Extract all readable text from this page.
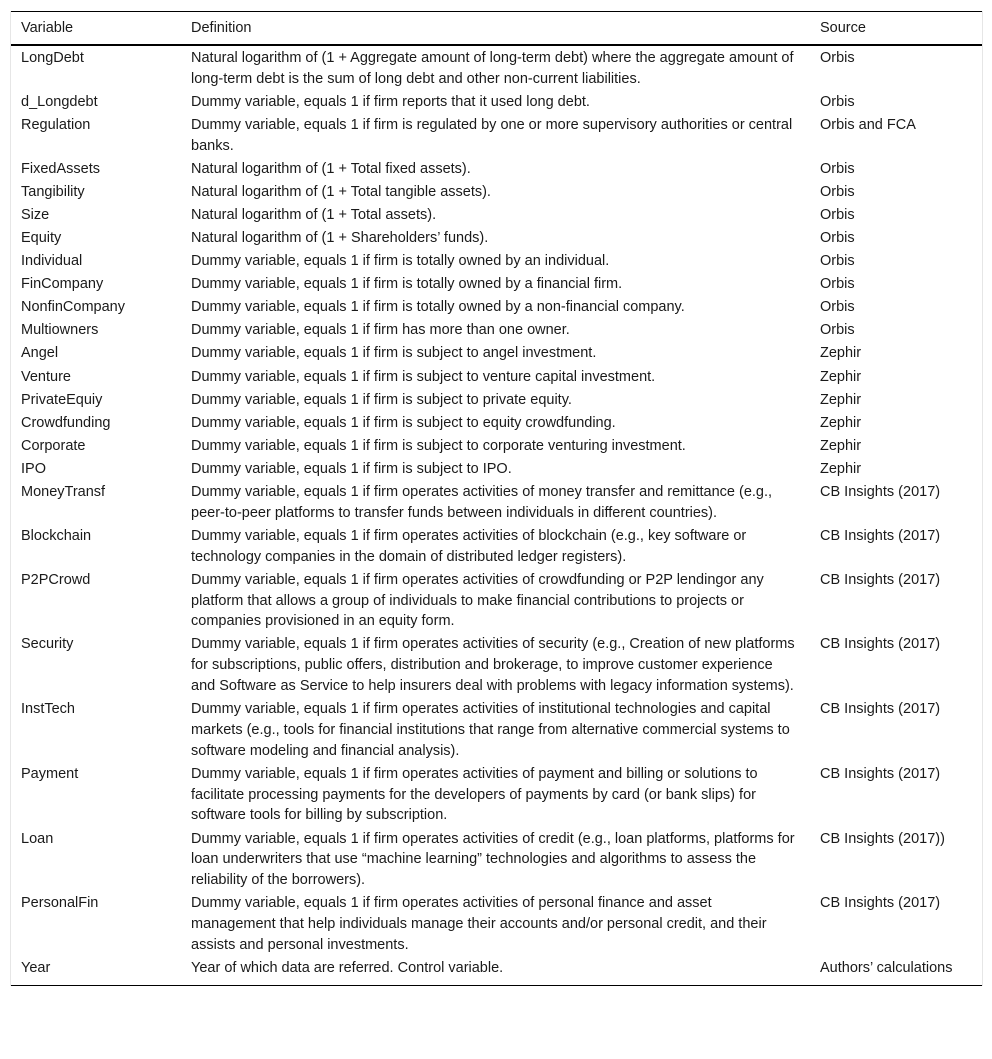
Variable	Definition	Source
LongDebt	Natural logarithm of (1 + Aggregate amount of long-term debt) where the aggregate amount of long-term debt is the sum of long debt and other non-current liabilities.	Orbis
d_Longdebt	Dummy variable, equals 1 if firm reports that it used long debt.	Orbis
Regulation	Dummy variable, equals 1 if firm is regulated by one or more supervisory authorities or central banks.	Orbis and FCA
FixedAssets	Natural logarithm of (1 + Total fixed assets).	Orbis
Tangibility	Natural logarithm of (1 + Total tangible assets).	Orbis
Size	Natural logarithm of (1 + Total assets).	Orbis
Equity	Natural logarithm of (1 + Shareholders’ funds).	Orbis
Individual	Dummy variable, equals 1 if firm is totally owned by an individual.	Orbis
FinCompany	Dummy variable, equals 1 if firm is totally owned by a financial firm.	Orbis
NonfinCompany	Dummy variable, equals 1 if firm is totally owned by a non-financial company.	Orbis
Multiowners	Dummy variable, equals 1 if firm has more than one owner.	Orbis
Angel	Dummy variable, equals 1 if firm is subject to angel investment.	Zephir
Venture	Dummy variable, equals 1 if firm is subject to venture capital investment.	Zephir
PrivateEquiy	Dummy variable, equals 1 if firm is subject to private equity.	Zephir
Crowdfunding	Dummy variable, equals 1 if firm is subject to equity crowdfunding.	Zephir
Corporate	Dummy variable, equals 1 if firm is subject to corporate venturing investment.	Zephir
IPO	Dummy variable, equals 1 if firm is subject to IPO.	Zephir
MoneyTransf	Dummy variable, equals 1 if firm operates activities of money transfer and remittance (e.g., peer-to-peer platforms to transfer funds between individuals in different countries).	CB Insights (2017)
Blockchain	Dummy variable, equals 1 if firm operates activities of blockchain (e.g., key software or technology companies in the domain of distributed ledger registers).	CB Insights (2017)
P2PCrowd	Dummy variable, equals 1 if firm operates activities of crowdfunding or P2P lendingor any platform that allows a group of individuals to make financial contributions to projects or companies provisioned in an equity form.	CB Insights (2017)
Security	Dummy variable, equals 1 if firm operates activities of security (e.g., Creation of new platforms for subscriptions, public offers, distribution and brokerage, to improve customer experience and Software as Service to help insurers deal with problems with legacy information systems).	CB Insights (2017)
InstTech	Dummy variable, equals 1 if firm operates activities of institutional technologies and capital markets (e.g., tools for financial institutions that range from alternative commercial systems to software modeling and financial analysis).	CB Insights (2017)
Payment	Dummy variable, equals 1 if firm operates activities of payment and billing or solutions to facilitate processing payments for the developers of payments by card (or bank slips) for software tools for billing by subscription.	CB Insights (2017)
Loan	Dummy variable, equals 1 if firm operates activities of credit (e.g., loan platforms, platforms for loan underwriters that use “machine learning” technologies and algorithms to assess the reliability of the borrowers).	CB Insights (2017))
PersonalFin	Dummy variable, equals 1 if firm operates activities of personal finance and asset management that help individuals manage their accounts and/or personal credit, and their assists and personal investments.	CB Insights (2017)
Year	Year of which data are referred. Control variable.	Authors’ calculations
